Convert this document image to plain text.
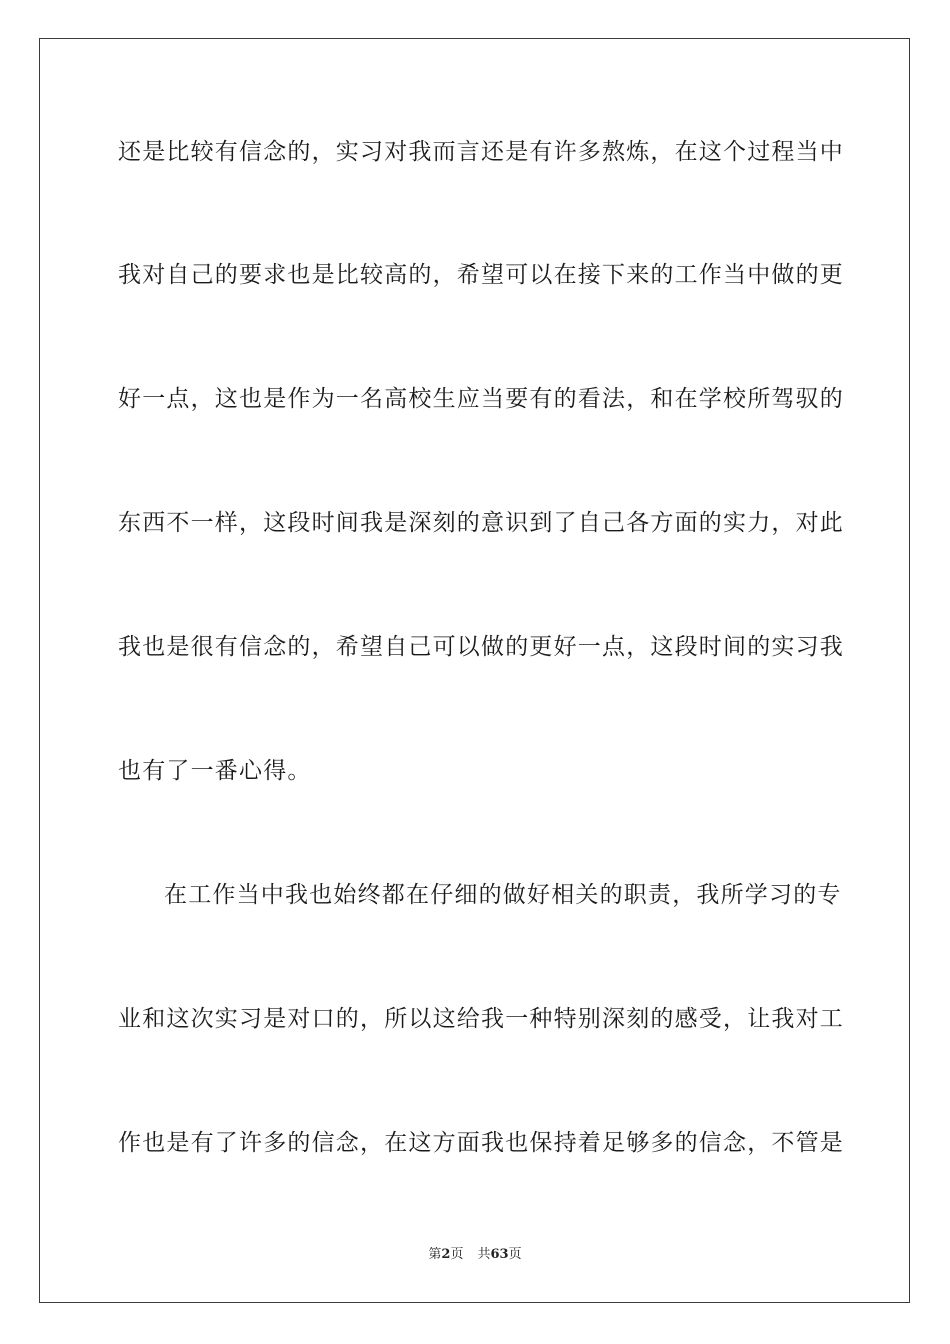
还是比较有信念的，实习对我而言还是有许多熬炼，在这个过程当中
我对自己的要求也是比较高的，希望可以在接下来的工作当中做的更
好一点，这也是作为一名高校生应当要有的看法，和在学校所驾驭的
东西不一样，这段时间我是深刻的意识到了自己各方面的实力，对此
我也是很有信念的，希望自己可以做的更好一点，这段时间的实习我
也有了一番心得。
在工作当中我也始终都在仔细的做好相关的职责，我所学习的专
业和这次实习是对口的，所以这给我一种特别深刻的感受，让我对工
作也是有了许多的信念，在这方面我也保持着足够多的信念，不管是
第2页 共63页
